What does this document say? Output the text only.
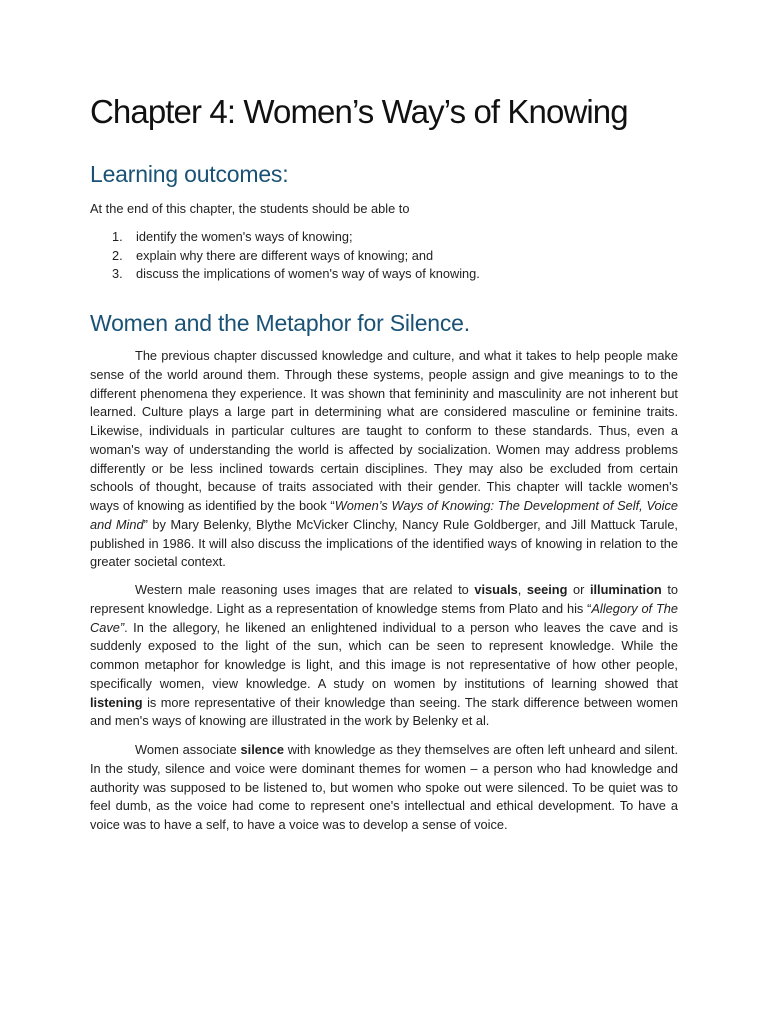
Chapter 4: Women’s Way’s of Knowing
Learning outcomes:

At the end of this chapter, the students should be able to

1. identify the women's ways of knowing;
2. explain why there are different ways of knowing; and
3. discuss the implications of women's way of ways of knowing.
Women and the Metaphor for Silence.

The previous chapter discussed knowledge and culture, and what it takes to help people make sense of the world around them. Through these systems, people assign and give meanings to to the different phenomena they experience. It was shown that femininity and masculinity are not inherent but learned. Culture plays a large part in determining what are considered masculine or feminine traits. Likewise, individuals in particular cultures are taught to conform to these standards. Thus, even a woman's way of understanding the world is affected by socialization. Women may address problems differently or be less inclined towards certain disciplines. They may also be excluded from certain schools of thought, because of traits associated with their gender. This chapter will tackle women's ways of knowing as identified by the book “Women’s Ways of Knowing: The Development of Self, Voice and Mind” by Mary Belenky, Blythe McVicker Clinchy, Nancy Rule Goldberger, and Jill Mattuck Tarule, published in 1986. It will also discuss the implications of the identified ways of knowing in relation to the greater societal context.

Western male reasoning uses images that are related to visuals, seeing or illumination to represent knowledge. Light as a representation of knowledge stems from Plato and his “Allegory of The Cave”. In the allegory, he likened an enlightened individual to a person who leaves the cave and is suddenly exposed to the light of the sun, which can be seen to represent knowledge. While the common metaphor for knowledge is light, and this image is not representative of how other people, specifically women, view knowledge. A study on women by institutions of learning showed that listening is more representative of their knowledge than seeing. The stark difference between women and men's ways of knowing are illustrated in the work by Belenky et al.

Women associate silence with knowledge as they themselves are often left unheard and silent. In the study, silence and voice were dominant themes for women – a person who had knowledge and authority was supposed to be listened to, but women who spoke out were silenced. To be quiet was to feel dumb, as the voice had come to represent one's intellectual and ethical development. To have a voice was to have a self, to have a voice was to develop a sense of voice.
